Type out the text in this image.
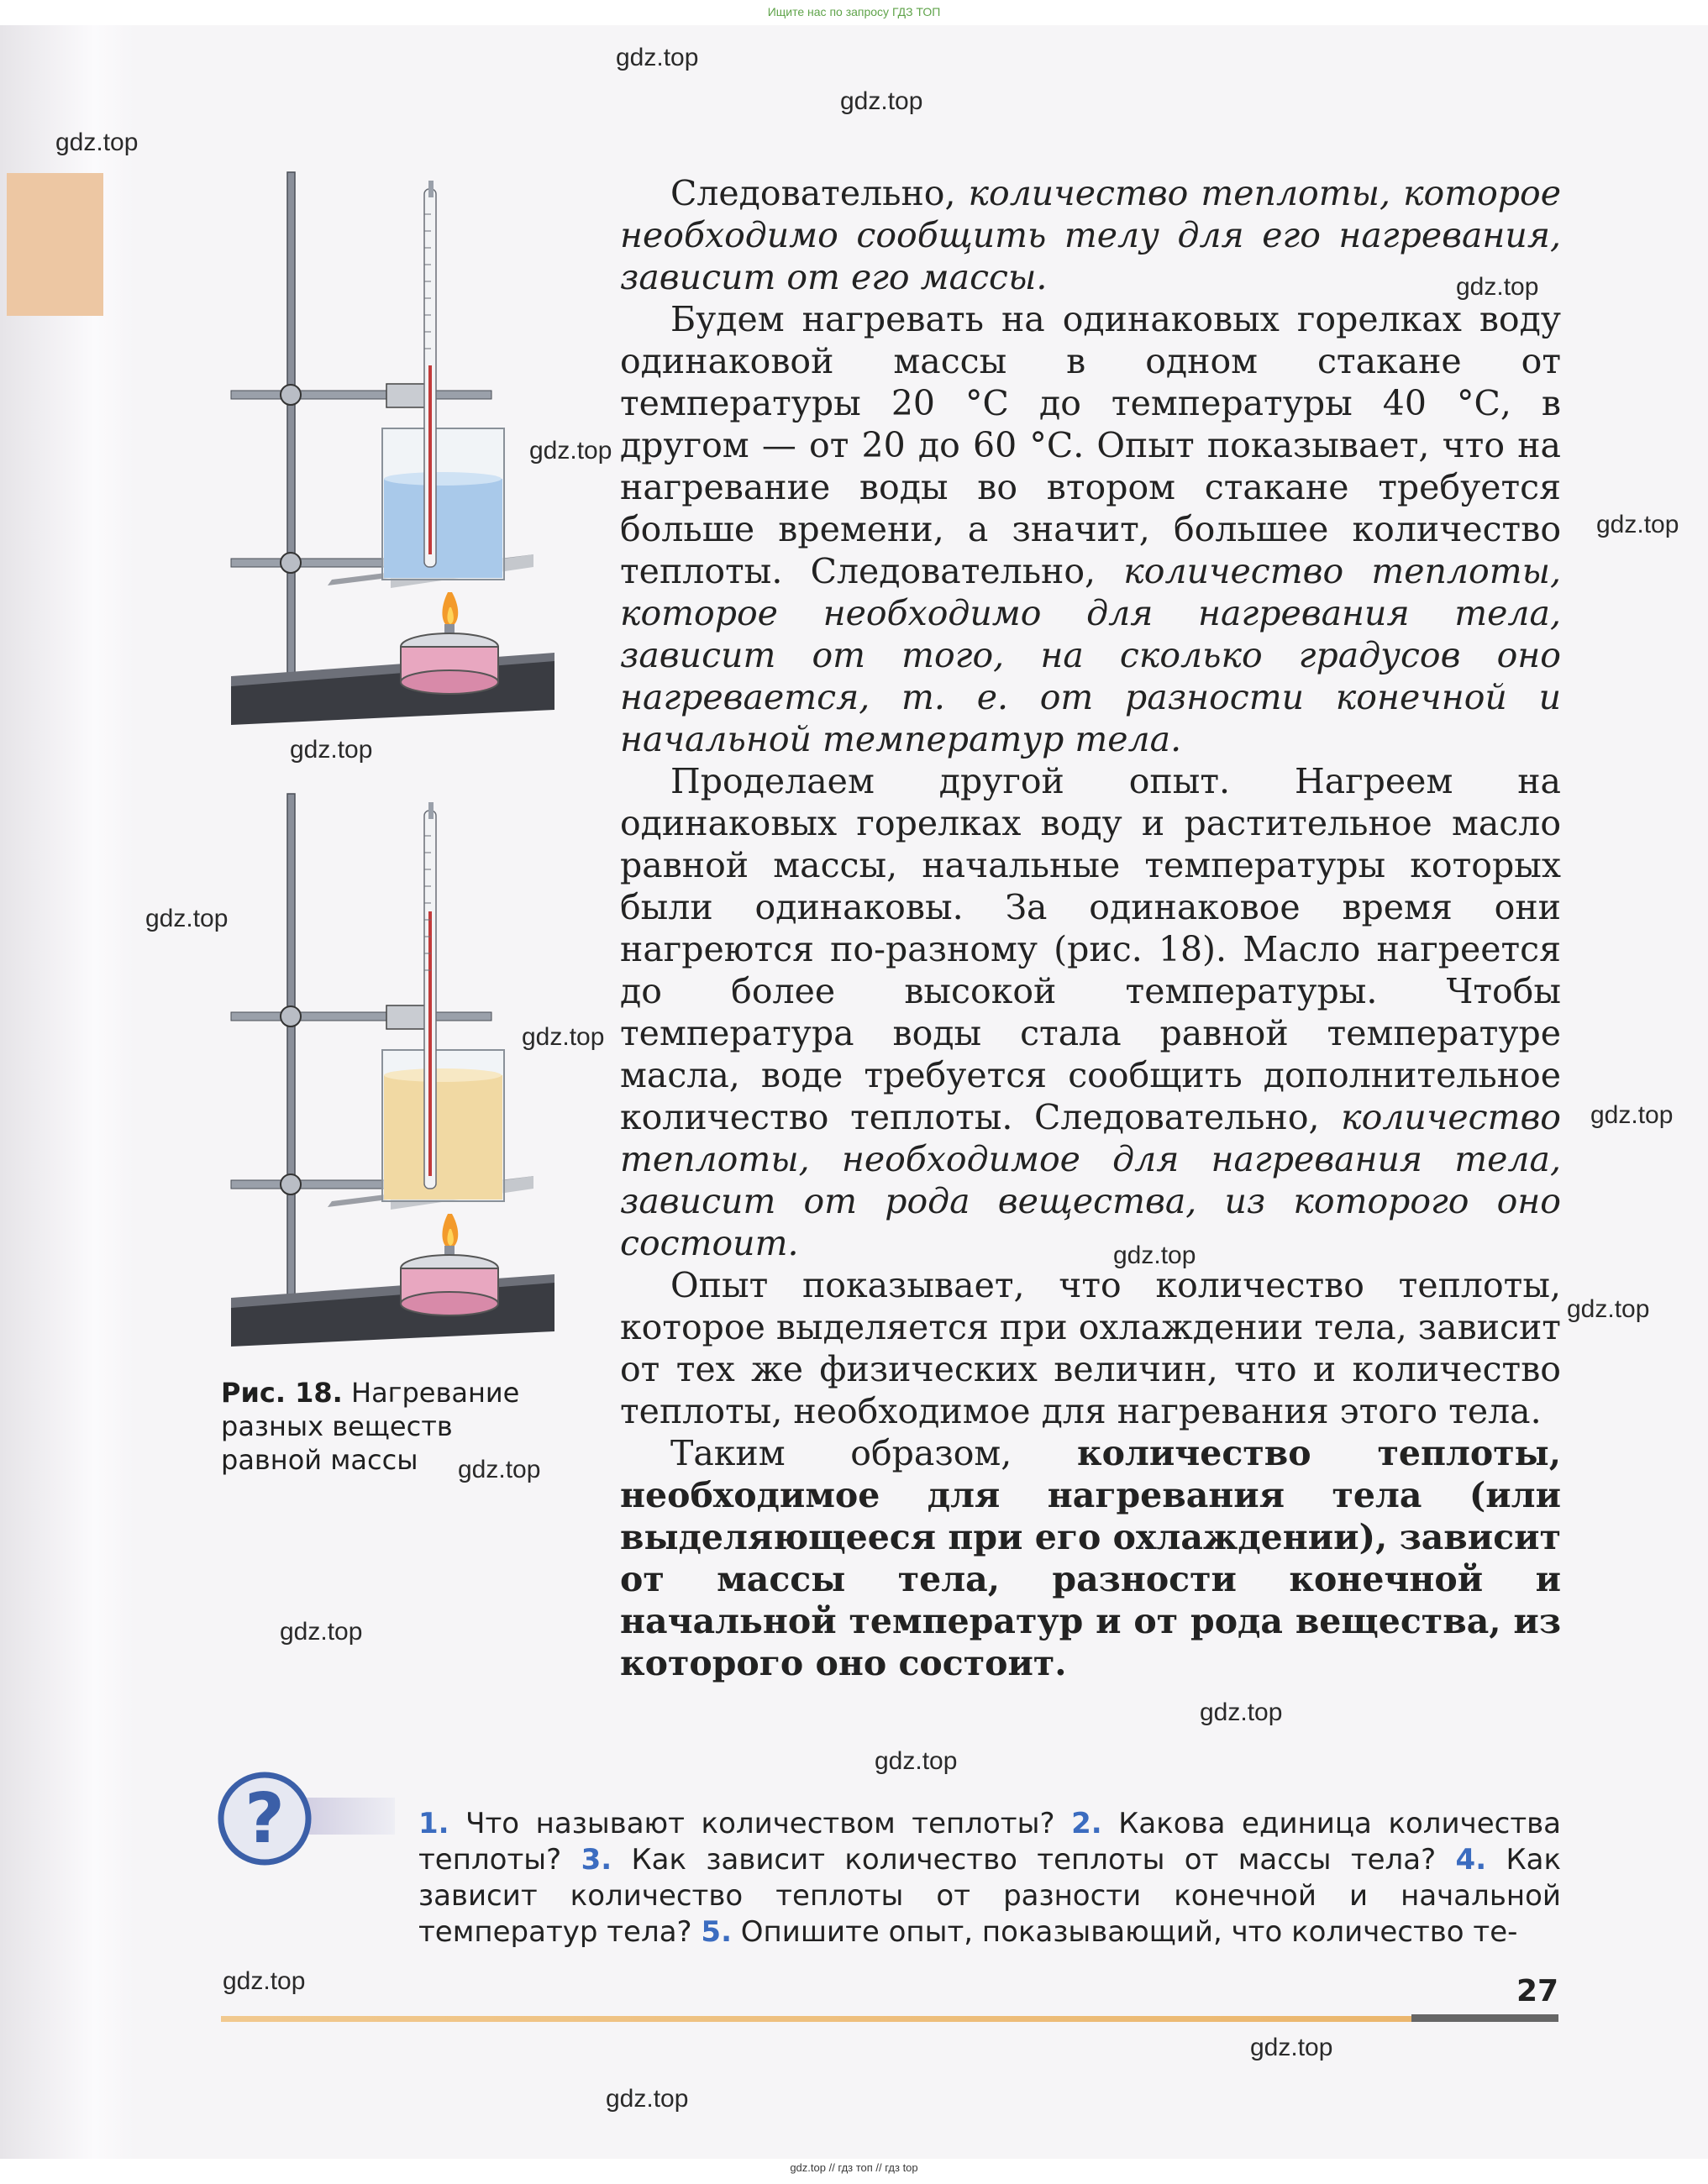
Ищите нас по запросу ГДЗ ТОП
Рис. 18. Нагревание разных веществ равной массы

Следовательно, количество теплоты, которое необходимо сообщить телу для его нагревания, зависит от его массы.

Будем нагревать на одинаковых горелках воду одинаковой массы в одном стакане от температуры 20 °С до температуры 40 °С, в другом — от 20 до 60 °С. Опыт показывает, что на нагревание воды во втором стакане требуется больше времени, а значит, большее количество теплоты. Следовательно, количество теплоты, которое необходимо для нагревания тела, зависит от того, на сколько градусов оно нагревается, т. е. от разности конечной и начальной температур тела.

Проделаем другой опыт. Нагреем на одинаковых горелках воду и растительное масло равной массы, начальные температуры которых были одинаковы. За одинаковое время они нагреются по-разному (рис. 18). Масло нагреется до более высокой температуры. Чтобы температура воды стала равной температуре масла, воде требуется сообщить дополнительное количество теплоты. Следовательно, количество теплоты, необходимое для нагревания тела, зависит от рода вещества, из которого оно состоит.

Опыт показывает, что количество теплоты, которое выделяется при охлаждении тела, зависит от тех же физических величин, что и количество теплоты, необходимое для нагревания этого тела.

Таким образом, количество теплоты, необходимое для нагревания тела (или выделяющееся при его охлаждении), зависит от массы тела, разности конечной и начальной температур и от рода вещества, из которого оно состоит.

?	1. Что называют количеством теплоты? 2. Какова единица количества теплоты? 3. Как зависит количество теплоты от массы тела? 4. Как зависит количество теплоты от разности конечной и начальной температур тела? 5. Опишите опыт, показывающий, что количество те-
27
gdz.top
gdz.top
gdz.top
gdz.top
gdz.top
gdz.top
gdz.top
gdz.top
gdz.top
gdz.top
gdz.top
gdz.top
gdz.top
gdz.top
gdz.top
gdz.top
gdz.top
gdz.top
gdz.top
gdz.top // гдз топ // гдз top
